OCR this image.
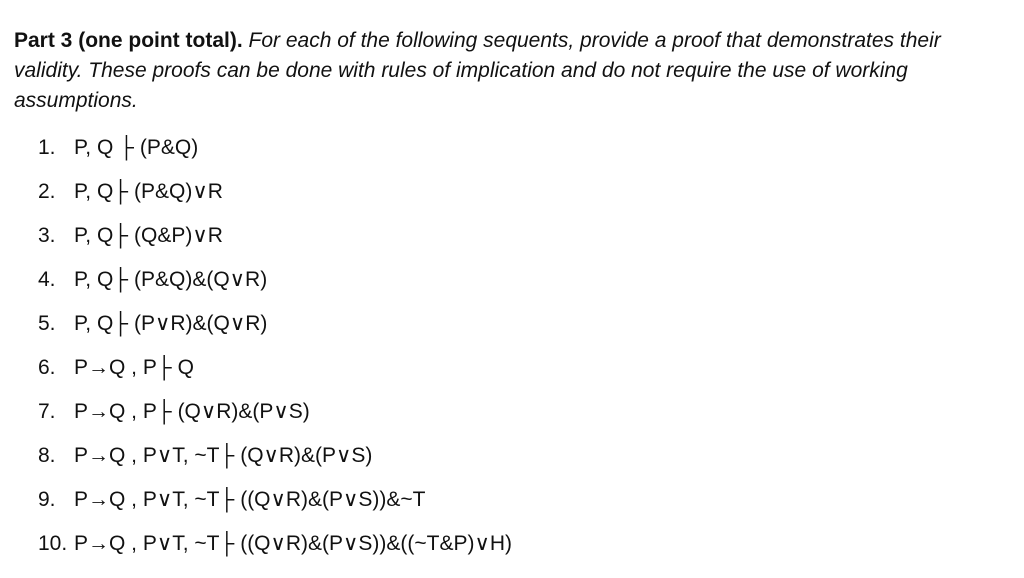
Part 3 (one point total). For each of the following sequents, provide a proof that demonstrates their validity. These proofs can be done with rules of implication and do not require the use of working assumptions.

1. P, Q ├ (P&Q)
2. P, Q├ (P&Q)∨R
3. P, Q├ (Q&P)∨R
4. P, Q├ (P&Q)&(Q∨R)
5. P, Q├ (P∨R)&(Q∨R)
6. P→Q , P├ Q
7. P→Q , P├ (Q∨R)&(P∨S)
8. P→Q , P∨T, ~T├ (Q∨R)&(P∨S)
9. P→Q , P∨T, ~T├ ((Q∨R)&(P∨S))&~T
10. P→Q , P∨T, ~T├ ((Q∨R)&(P∨S))&((~T&P)∨H)
